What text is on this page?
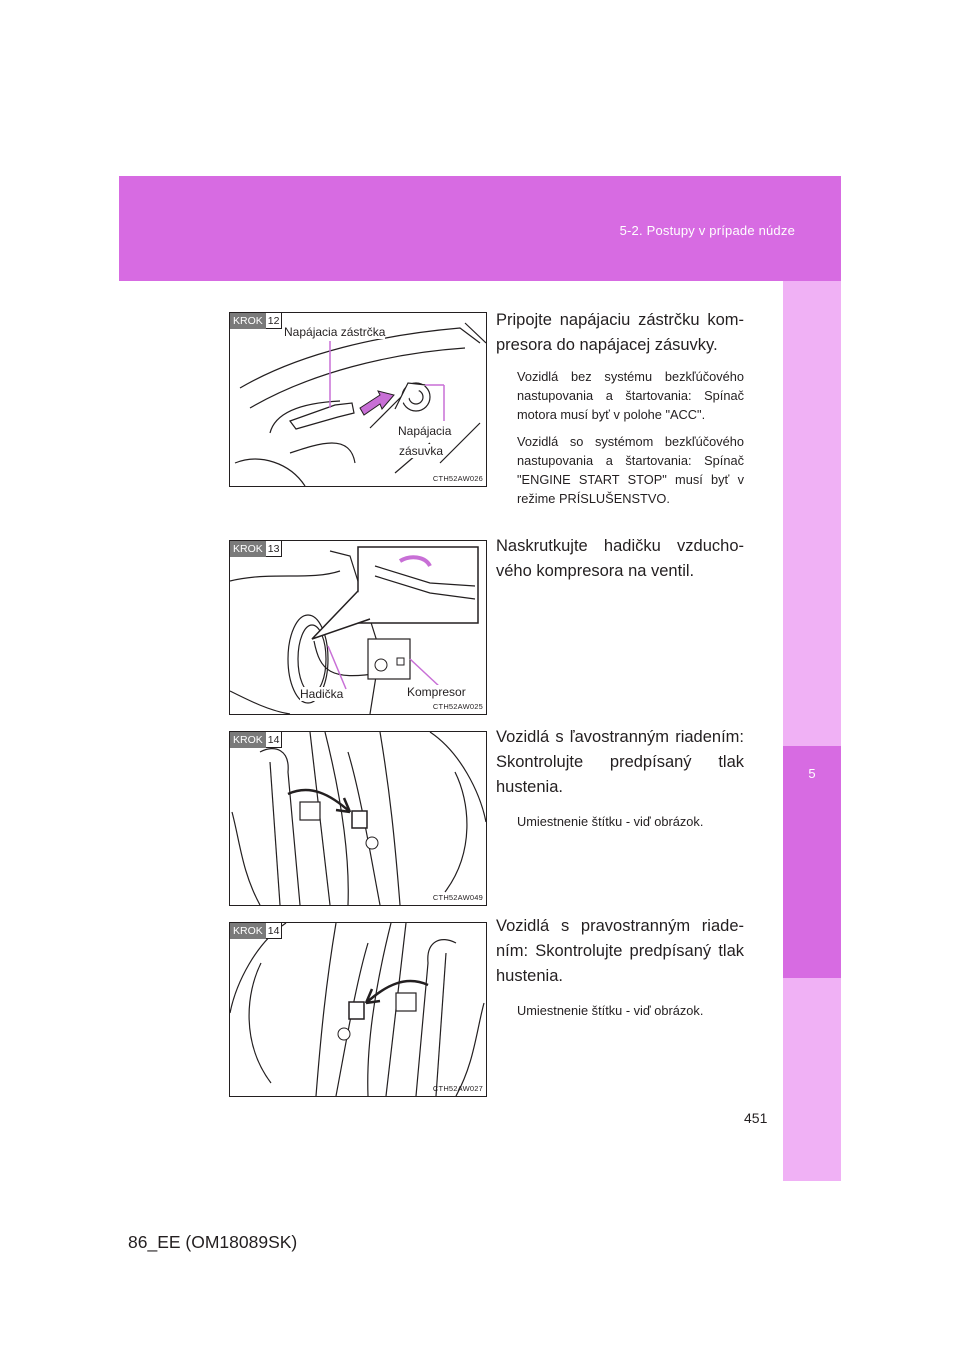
5-2. Postupy v prípade núdze
5
KROK 12
Napájacia zástrčka
Napájacia
zásuvka
CTH52AW026

Pripojte napájaciu zástrčku kompresora do napájacej zásuvky.

Vozidlá bez systému bezkľúčového nastupovania a štartovania: Spínač motora musí byť v polohe "ACC".

Vozidlá so systémom bezkľúčového nastupovania a štartovania: Spínač "ENGINE START STOP" musí byť v režime PRÍSLUŠENSTVO.

KROK 13
Hadička	Kompresor
CTH52AW025

Naskrutkujte hadičku vzduchového kompresora na ventil.

KROK 14
CTH52AW049

Vozidlá s ľavostranným riadením: Skontrolujte predpísaný tlak hustenia.

Umiestnenie štítku - viď obrázok.

KROK 14
CTH52AW027

Vozidlá s pravostranným riadením: Skontrolujte predpísaný tlak hustenia.

Umiestnenie štítku - viď obrázok.

451
86_EE (OM18089SK)
